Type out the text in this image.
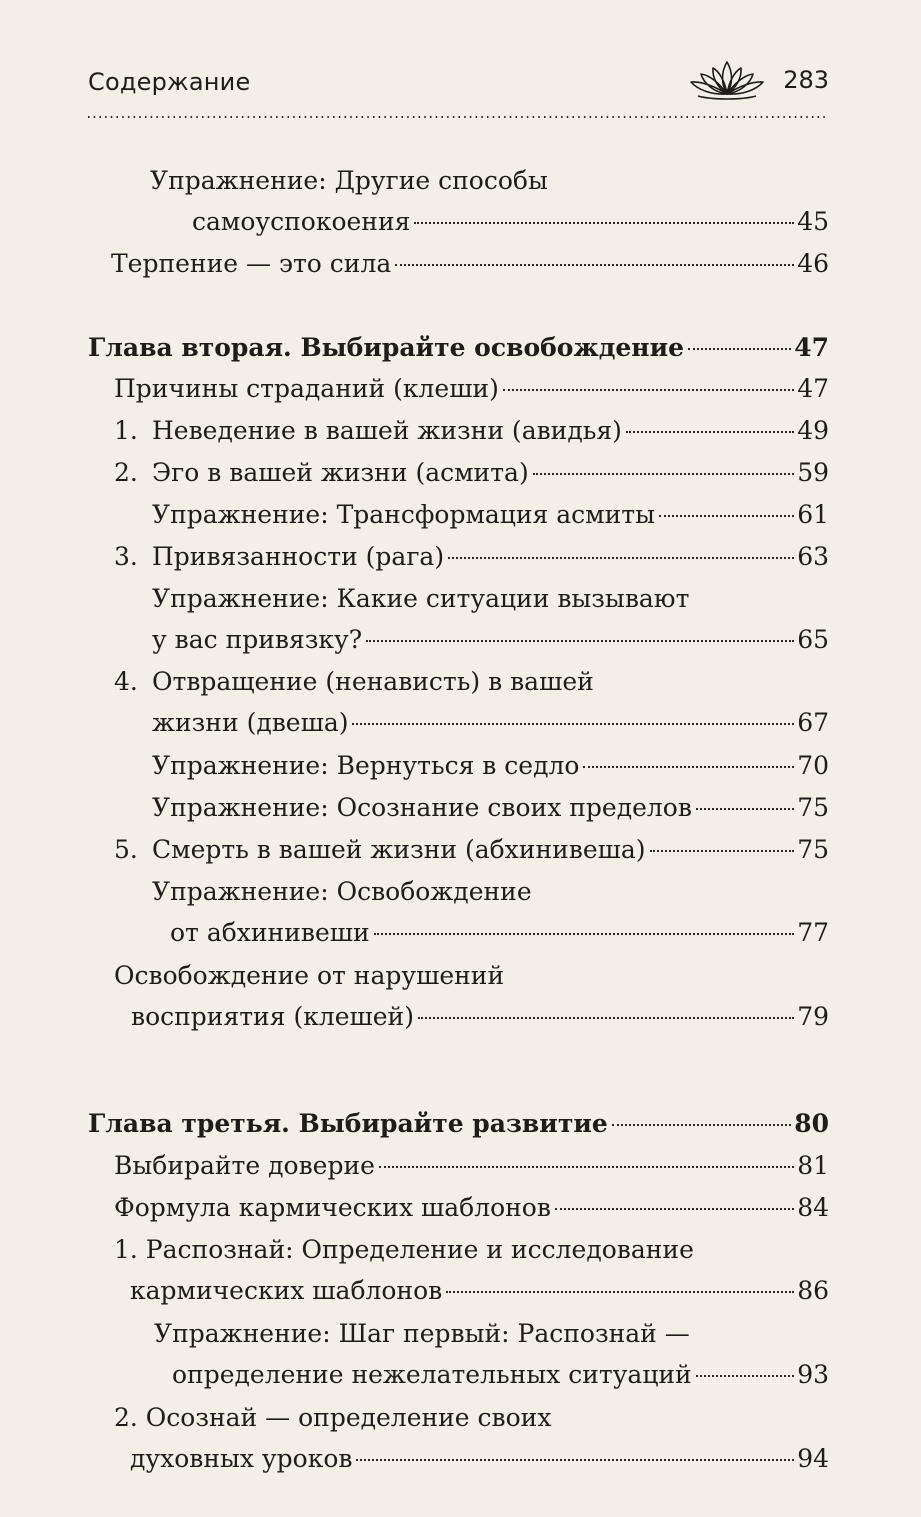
Содержание	283
Упражнение: Другие способы
самоуспокоения	45
Терпение — это сила	46
Глава вторая. Выбирайте освобождение	47
Причины страданий (клеши)	47
1. Неведение в вашей жизни (авидья)	49
2. Эго в вашей жизни (асмита)	59
Упражнение: Трансформация асмиты	61
3. Привязанности (рага)	63
Упражнение: Какие ситуации вызывают
у вас привязку?	65
4. Отвращение (ненависть) в вашей
жизни (двеша)	67
Упражнение: Вернуться в седло	70
Упражнение: Осознание своих пределов	75
5. Смерть в вашей жизни (абхинивеша)	75
Упражнение: Освобождение
от абхинивеши	77
Освобождение от нарушений
восприятия (клешей)	79
Глава третья. Выбирайте развитие	80
Выбирайте доверие	81
Формула кармических шаблонов	84
1. Распознай: Определение и исследование
кармических шаблонов	86
Упражнение: Шаг первый: Распознай —
определение нежелательных ситуаций	93
2. Осознай — определение своих
духовных уроков	94
